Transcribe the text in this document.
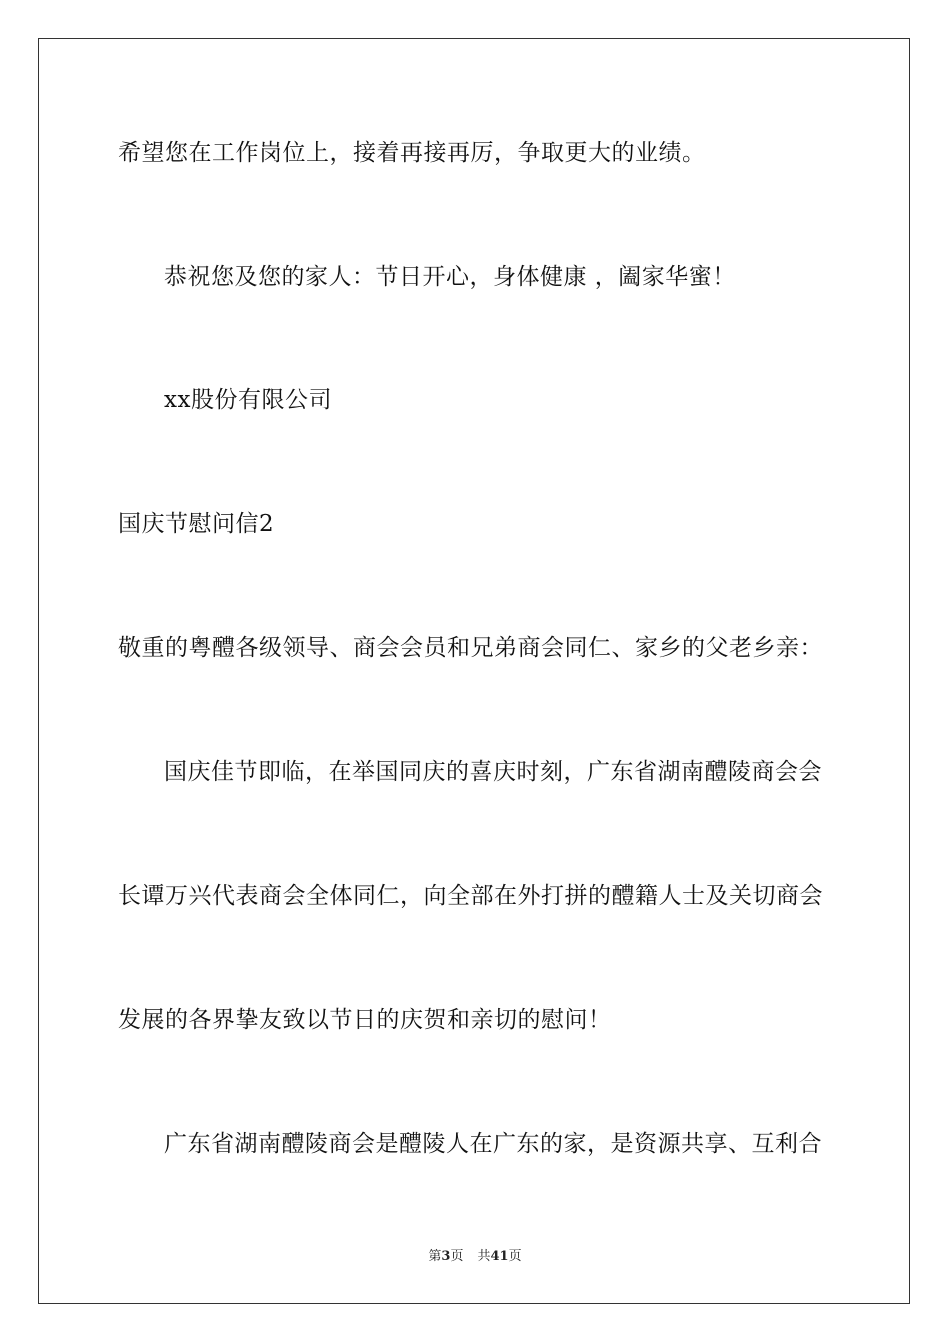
希望您在工作岗位上，接着再接再厉，争取更大的业绩。
恭祝您及您的家人：节日开心，身体健康 ，阖家华蜜！
xx股份有限公司
国庆节慰问信2
敬重的粤醴各级领导、商会会员和兄弟商会同仁、家乡的父老乡亲：
国庆佳节即临，在举国同庆的喜庆时刻，广东省湖南醴陵商会会
长谭万兴代表商会全体同仁，向全部在外打拼的醴籍人士及关切商会
发展的各界挚友致以节日的庆贺和亲切的慰问！
广东省湖南醴陵商会是醴陵人在广东的家，是资源共享、互利合
第3页 共41页
